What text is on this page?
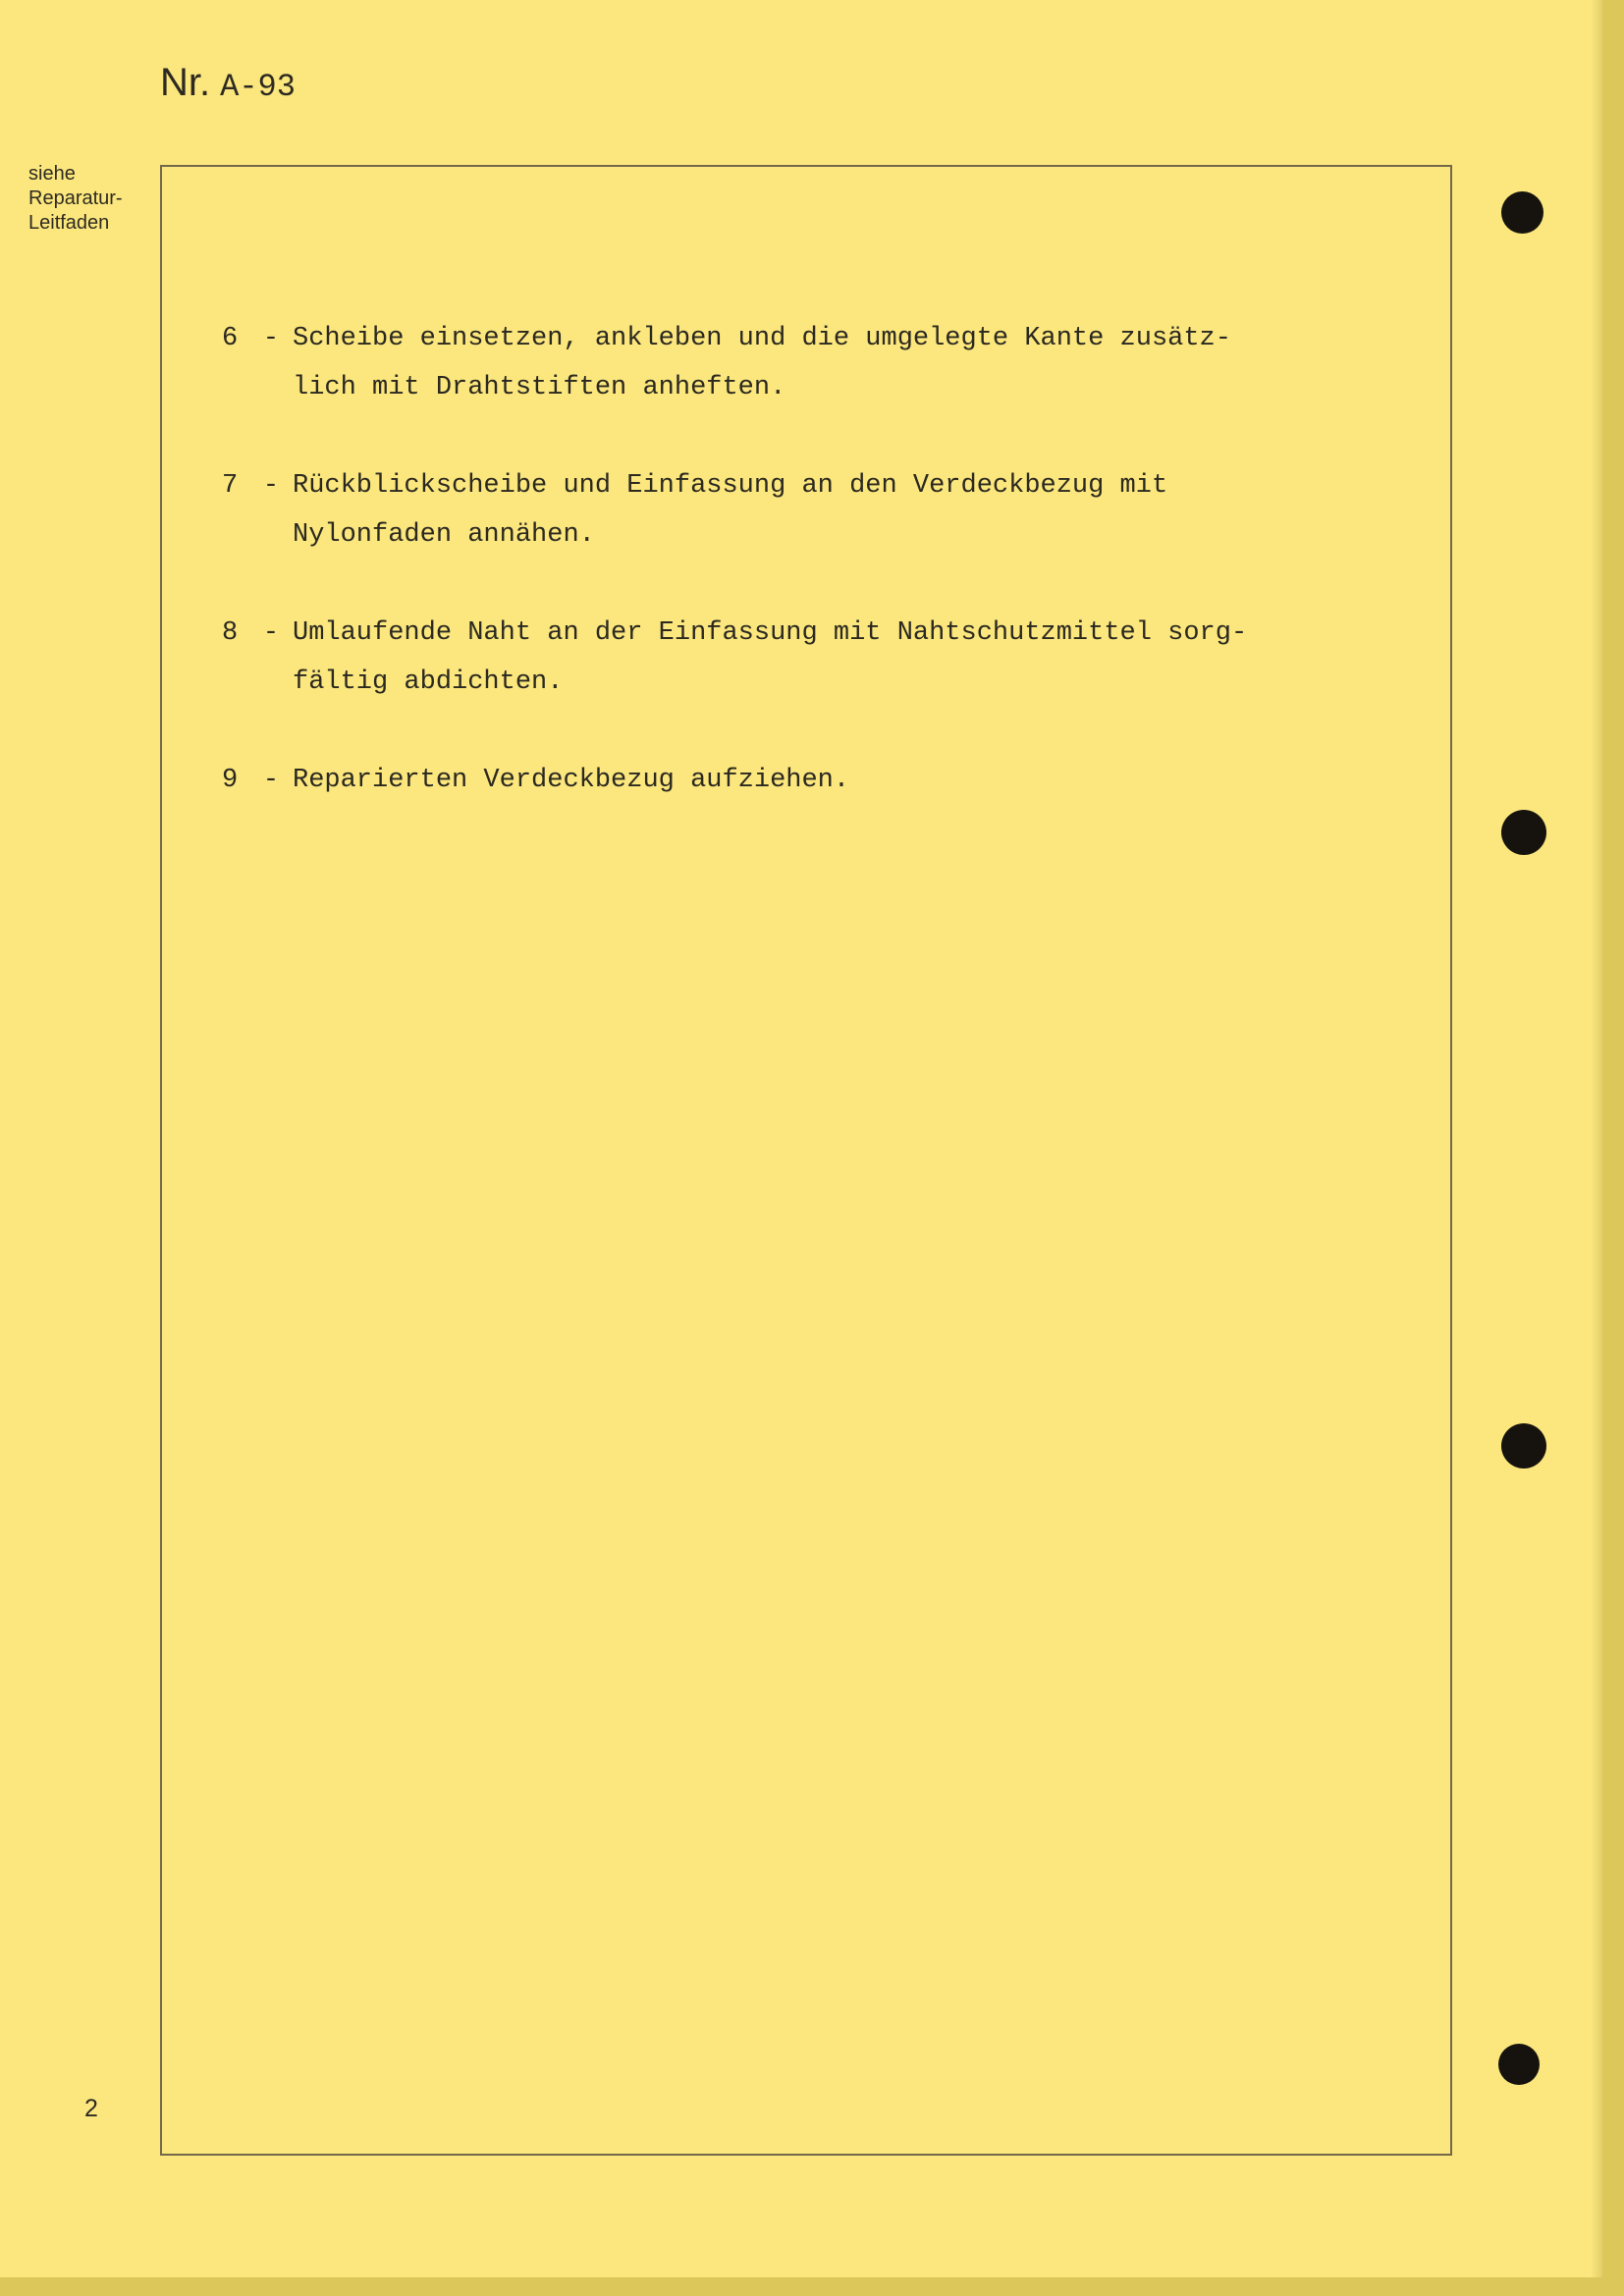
Nr. A-93
siehe
Reparatur-
Leitfaden
6 - Scheibe einsetzen, ankleben und die umgelegte Kante zusätz-
lich mit Drahtstiften anheften.
7 - Rückblickscheibe und Einfassung an den Verdeckbezug mit
Nylonfaden annähen.
8 - Umlaufende Naht an der Einfassung mit Nahtschutzmittel sorg-
fältig abdichten.
9 - Reparierten Verdeckbezug aufziehen.
2
